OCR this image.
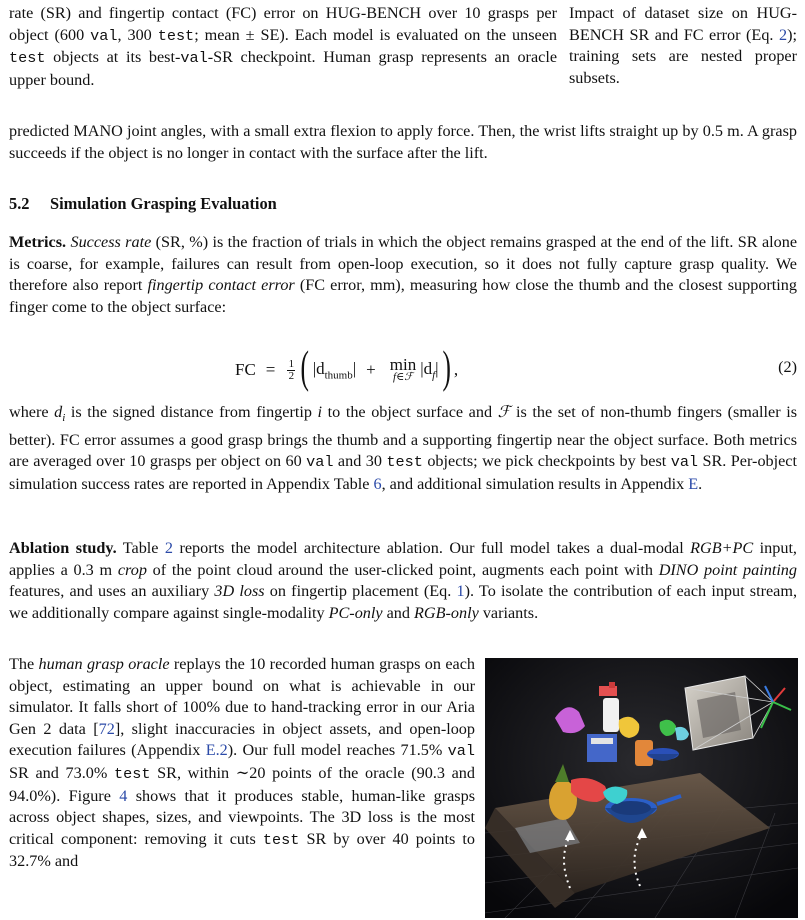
rate (SR) and fingertip contact (FC) error on HUG-BENCH over 10 grasps per object (600 val, 300 test; mean ± SE). Each model is evaluated on the unseen test objects at its best-val-SR checkpoint. Human grasp represents an oracle upper bound.
Impact of dataset size on HUG-BENCH SR and FC error (Eq. 2); training sets are nested proper subsets.

predicted MANO joint angles, with a small extra flexion to apply force. Then, the wrist lifts straight up by 0.5 m. A grasp succeeds if the object is no longer in contact with the surface after the lift.

5.2 Simulation Grasping Evaluation

Metrics. Success rate (SR, %) is the fraction of trials in which the object remains grasped at the end of the lift. SR alone is coarse, for example, failures can result from open-loop execution, so it does not fully capture grasp quality. We therefore also report fingertip contact error (FC error, mm), measuring how close the thumb and the closest supporting finger come to the object surface:

FC = $\frac{1}{2}$ ( $|d_{thumb}| + \min$
f∈ℱ $|d_f|$ ) ,	(2)

where $d_i$ is the signed distance from fingertip i to the object surface and ℱ is the set of non-thumb fingers (smaller is better). FC error assumes a good grasp brings the thumb and a supporting fingertip near the object surface. Both metrics are averaged over 10 grasps per object on 60 val and 30 test objects; we pick checkpoints by best val SR. Per-object simulation success rates are reported in Appendix Table 6, and additional simulation results in Appendix E.

Ablation study. Table 2 reports the model architecture ablation. Our full model takes a dual-modal RGB+PC input, applies a 0.3 m crop of the point cloud around the user-clicked point, augments each point with DINO point painting features, and uses an auxiliary 3D loss on fingertip placement (Eq. 1). To isolate the contribution of each input stream, we additionally compare against single-modality PC-only and RGB-only variants.

The human grasp oracle replays the 10 recorded human grasps on each object, estimating an upper bound on what is achievable in our simulator. It falls short of 100% due to hand-tracking error in our Aria Gen 2 data [72], slight inaccuracies in object assets, and open-loop execution failures (Appendix E.2). Our full model reaches 71.5% val SR and 73.0% test SR, within ∼20 points of the oracle (90.3 and 94.0%). Figure 4 shows that it produces stable, human-like grasps across object shapes, sizes, and viewpoints. The 3D loss is the most critical component: removing it cuts test SR by over 40 points to 32.7% and
